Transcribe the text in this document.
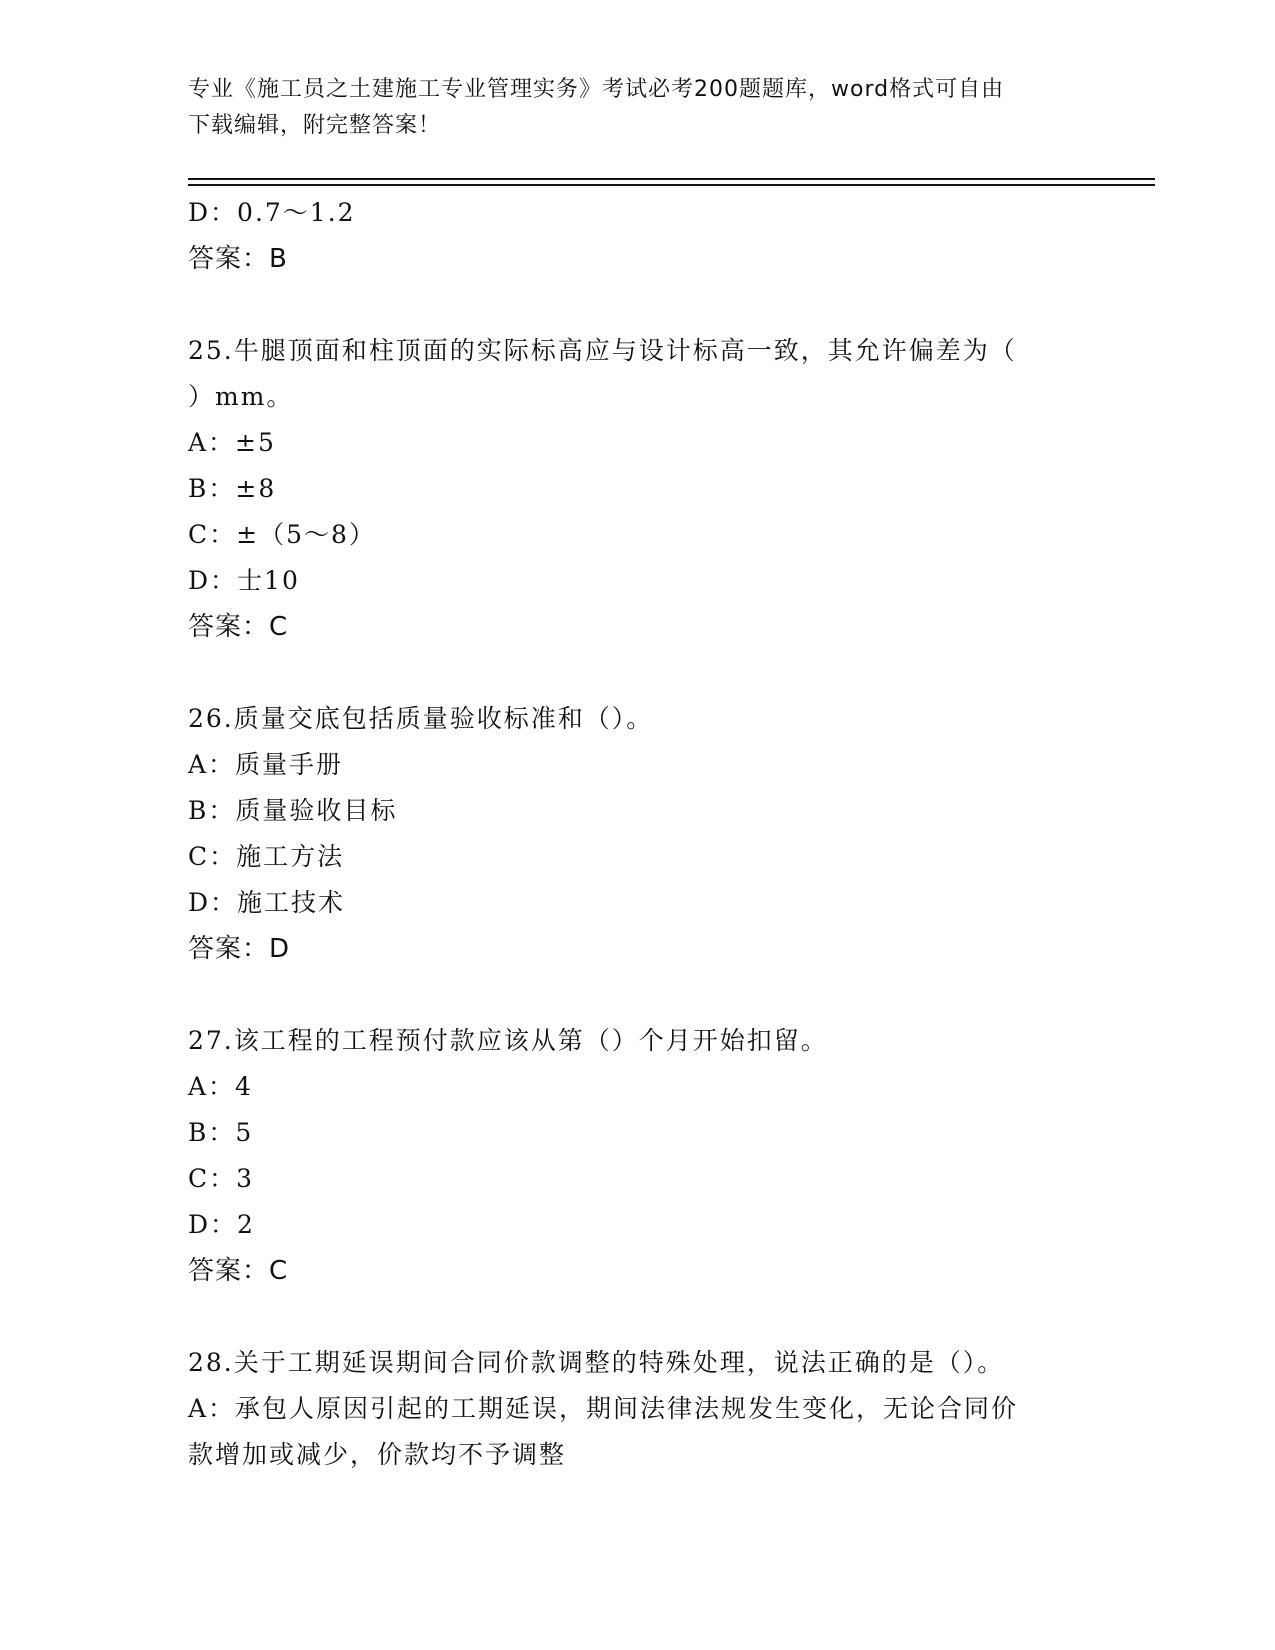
专业《施工员之土建施工专业管理实务》考试必考200题题库，word格式可自由
下载编辑，附完整答案！
D：0.7～1.2
答案：B
25.牛腿顶面和柱顶面的实际标高应与设计标高一致，其允许偏差为（
）mm。
A：±5
B：±8
C：±（5～8）
D：士10
答案：C
26.质量交底包括质量验收标准和（）。
A：质量手册
B：质量验收目标
C：施工方法
D：施工技术
答案：D
27.该工程的工程预付款应该从第（）个月开始扣留。
A：4
B：5
C：3
D：2
答案：C
28.关于工期延误期间合同价款调整的特殊处理，说法正确的是（）。
A：承包人原因引起的工期延误，期间法律法规发生变化，无论合同价
款增加或减少，价款均不予调整
